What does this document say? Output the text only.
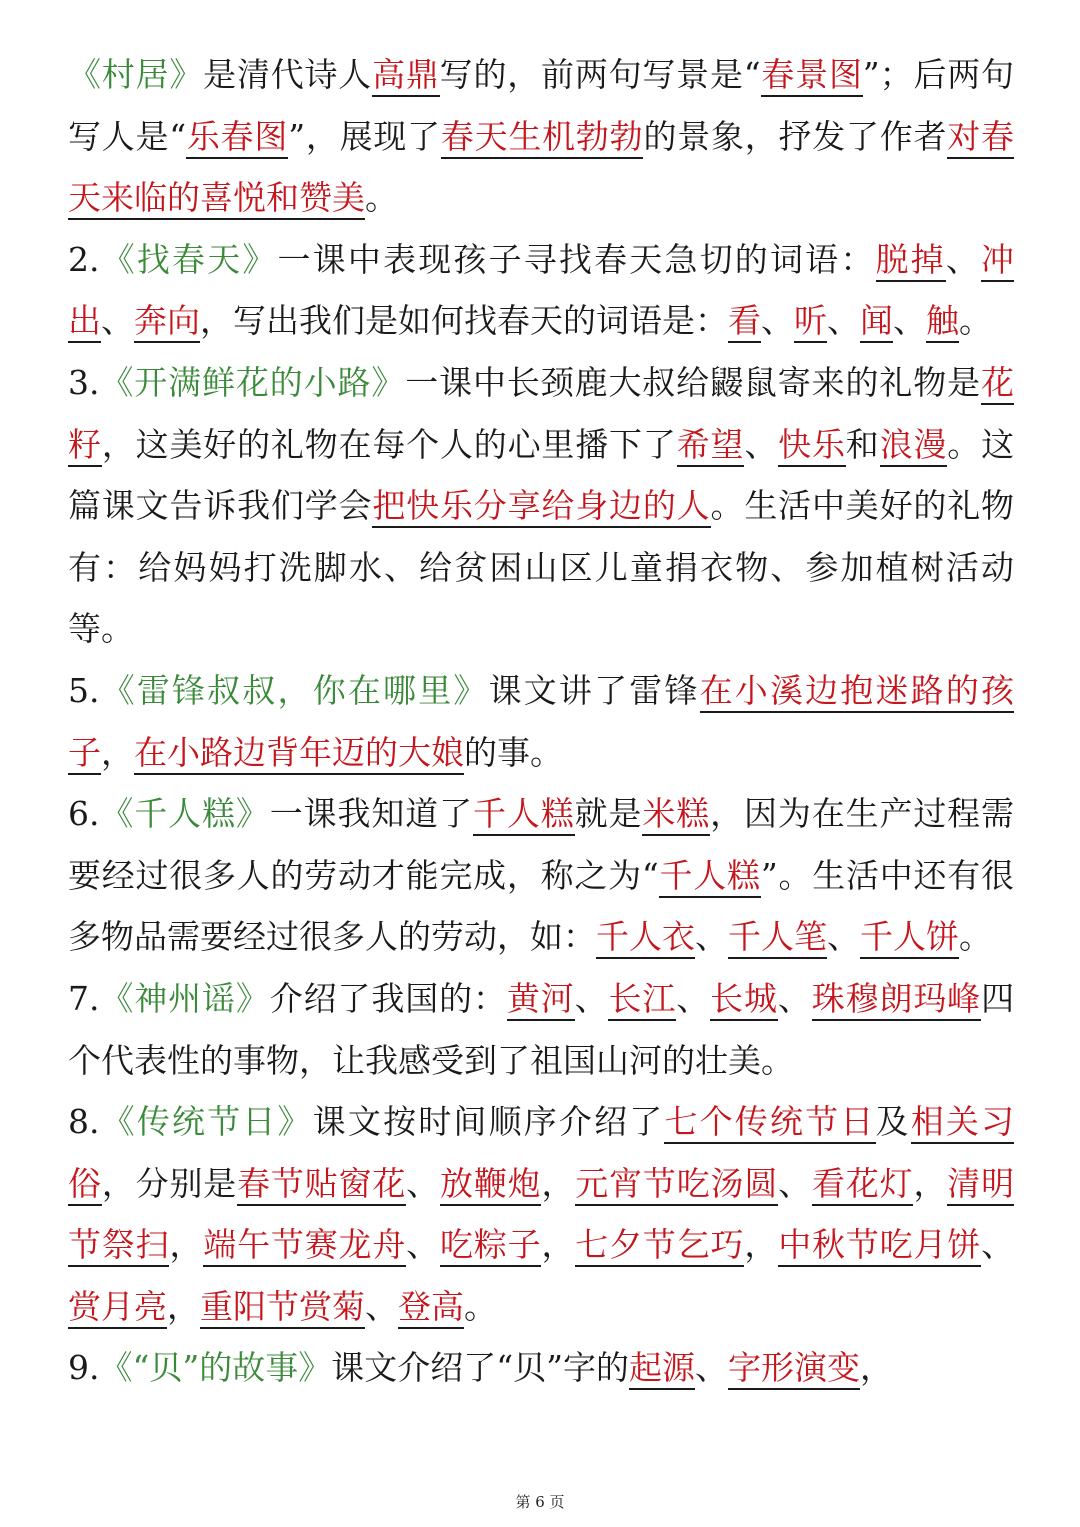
《村居》是清代诗人高鼎写的，前两句写景是“春景图”；后两句写人是“乐春图”，展现了春天生机勃勃的景象，抒发了作者对春天来临的喜悦和赞美。

2.《找春天》一课中表现孩子寻找春天急切的词语：脱掉、冲出、奔向，写出我们是如何找春天的词语是：看、听、闻、触。

3.《开满鲜花的小路》一课中长颈鹿大叔给鼹鼠寄来的礼物是花籽，这美好的礼物在每个人的心里播下了希望、快乐和浪漫。这篇课文告诉我们学会把快乐分享给身边的人。生活中美好的礼物有：给妈妈打洗脚水、给贫困山区儿童捐衣物、参加植树活动等。

5.《雷锋叔叔，你在哪里》课文讲了雷锋在小溪边抱迷路的孩子，在小路边背年迈的大娘的事。

6.《千人糕》一课我知道了千人糕就是米糕，因为在生产过程需要经过很多人的劳动才能完成，称之为“千人糕”。生活中还有很多物品需要经过很多人的劳动，如：千人衣、千人笔、千人饼。

7.《神州谣》介绍了我国的：黄河、长江、长城、珠穆朗玛峰四个代表性的事物，让我感受到了祖国山河的壮美。

8.《传统节日》课文按时间顺序介绍了七个传统节日及相关习俗，分别是春节贴窗花、放鞭炮，元宵节吃汤圆、看花灯，清明节祭扫，端午节赛龙舟、吃粽子，七夕节乞巧，中秋节吃月饼、赏月亮，重阳节赏菊、登高。

9.《“贝”的故事》课文介绍了“贝”字的起源、字形演变，

第 6 页
